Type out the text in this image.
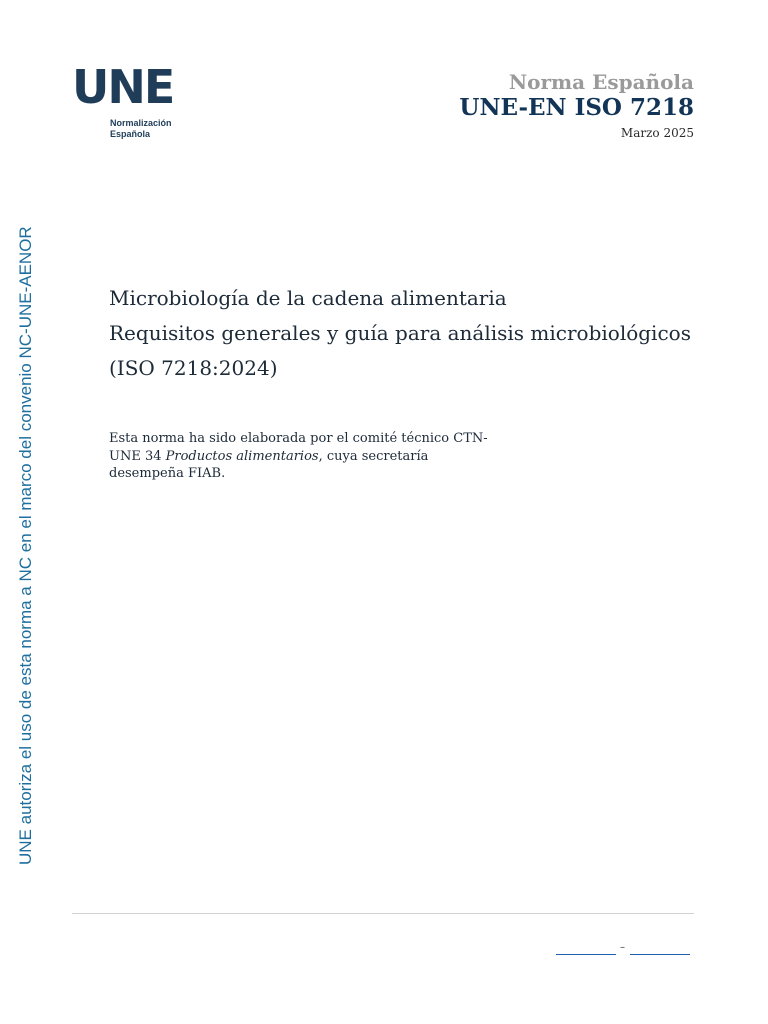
UNE
Normalización
Española
Norma Española
UNE-EN ISO 7218
Marzo 2025
UNE autoriza el uso de esta norma a NC en el marco del convenio NC-UNE-AENOR	Microbiología de la cadena alimentaria
Requisitos generales y guía para análisis microbiológicos
(ISO 7218:2024)
Esta norma ha sido elaborada por el comité técnico CTN-UNE 34 Productos alimentarios, cuya secretaría desempeña FIAB.
–
